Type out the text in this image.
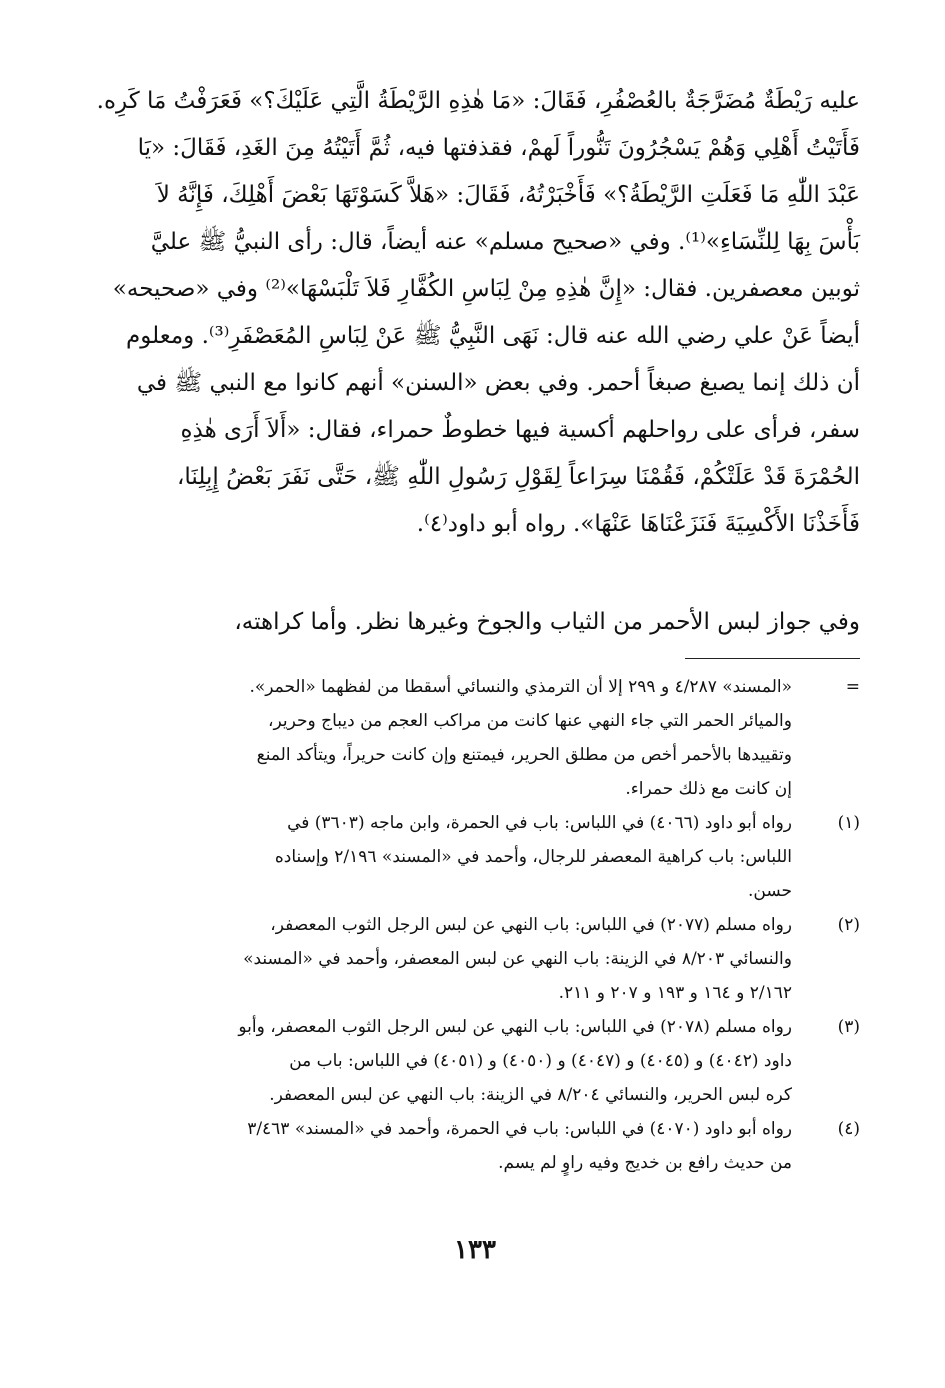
عليه رَيْطَةٌ مُضَرَّجَةٌ بالعُصْفُرِ، فَقَالَ: «مَا هٰذِهِ الرَّيْطَةُ الَّتِي عَلَيْكَ؟» فَعَرَفْتُ مَا كَرِه.
فَأَتَيْتُ أَهْلِي وَهُمْ يَسْجُرُونَ تَنُّوراً لَهمْ، فقذفتها فيه، ثُمَّ أَتَيْتُهُ مِنَ الغَدِ، فَقَالَ: «يَا
عَبْدَ اللّٰهِ مَا فَعَلَتِ الرَّيْطَةُ؟» فَأَخْبَرْتُهُ، فَقَالَ: «هَلاَّ كَسَوْتَهَا بَعْضَ أَهْلِكَ، فَإِنَّهُ لاَ
بَأْسَ بِهَا لِلنِّسَاءِ»⁽¹⁾. وفي «صحيح مسلم» عنه أيضاً، قال: رأى النبيُّ ﷺ عليَّ
ثوبين معصفرين. فقال: «إِنَّ هٰذِهِ مِنْ لِبَاسِ الكُفَّارِ فَلاَ تَلْبَسْهَا»⁽²⁾ وفي «صحيحه»
أيضاً عَنْ علي رضي الله عنه قال: نَهَى النَّبِيُّ ﷺ عَنْ لِبَاسِ المُعَصْفَرِ⁽³⁾. ومعلوم
أن ذلك إنما يصبغ صبغاً أحمر. وفي بعض «السنن» أنهم كانوا مع النبي ﷺ في
سفر، فرأى على رواحلهم أكسية فيها خطوطٌ حمراء، فقال: «أَلاَ أَرَى هٰذِهِ
الحُمْرَةَ قَدْ عَلَتْكُمْ، فَقُمْنَا سِرَاعاً لِقَوْلِ رَسُولِ اللّٰهِ ﷺ، حَتَّى نَفَرَ بَعْضُ إِبِلِنَا،
فَأَخَذْنَا الأَكْسِيَةَ فَنَزَعْنَاهَا عَنْهَا». رواه أبو داود⁽٤⁾.
وفي جواز لبس الأحمر من الثياب والجوخ وغيرها نظر. وأما كراهته،
=
«المسند» ٤/٢٨٧ و ٢٩٩ إلا أن الترمذي والنسائي أسقطا من لفظهما «الحمر».
والميائر الحمر التي جاء النهي عنها كانت من مراكب العجم من ديباج وحرير،
وتقييدها بالأحمر أخص من مطلق الحرير، فيمتنع وإن كانت حريراً، ويتأكد المنع
إن كانت مع ذلك حمراء.
(١)
رواه أبو داود (٤٠٦٦) في اللباس: باب في الحمرة، وابن ماجه (٣٦٠٣) في
اللباس: باب كراهية المعصفر للرجال، وأحمد في «المسند» ٢/١٩٦ وإسناده
حسن.
(٢)
رواه مسلم (٢٠٧٧) في اللباس: باب النهي عن لبس الرجل الثوب المعصفر،
والنسائي ٨/٢٠٣ في الزينة: باب النهي عن لبس المعصفر، وأحمد في «المسند»
٢/١٦٢ و ١٦٤ و ١٩٣ و ٢٠٧ و ٢١١.
(٣)
رواه مسلم (٢٠٧٨) في اللباس: باب النهي عن لبس الرجل الثوب المعصفر، وأبو
داود (٤٠٤٢) و (٤٠٤٥) و (٤٠٤٧) و (٤٠٥٠) و (٤٠٥١) في اللباس: باب من
كره لبس الحرير، والنسائي ٨/٢٠٤ في الزينة: باب النهي عن لبس المعصفر.
(٤)
رواه أبو داود (٤٠٧٠) في اللباس: باب في الحمرة، وأحمد في «المسند» ٣/٤٦٣
من حديث رافع بن خديج وفيه راوٍ لم يسم.
١٣٣
